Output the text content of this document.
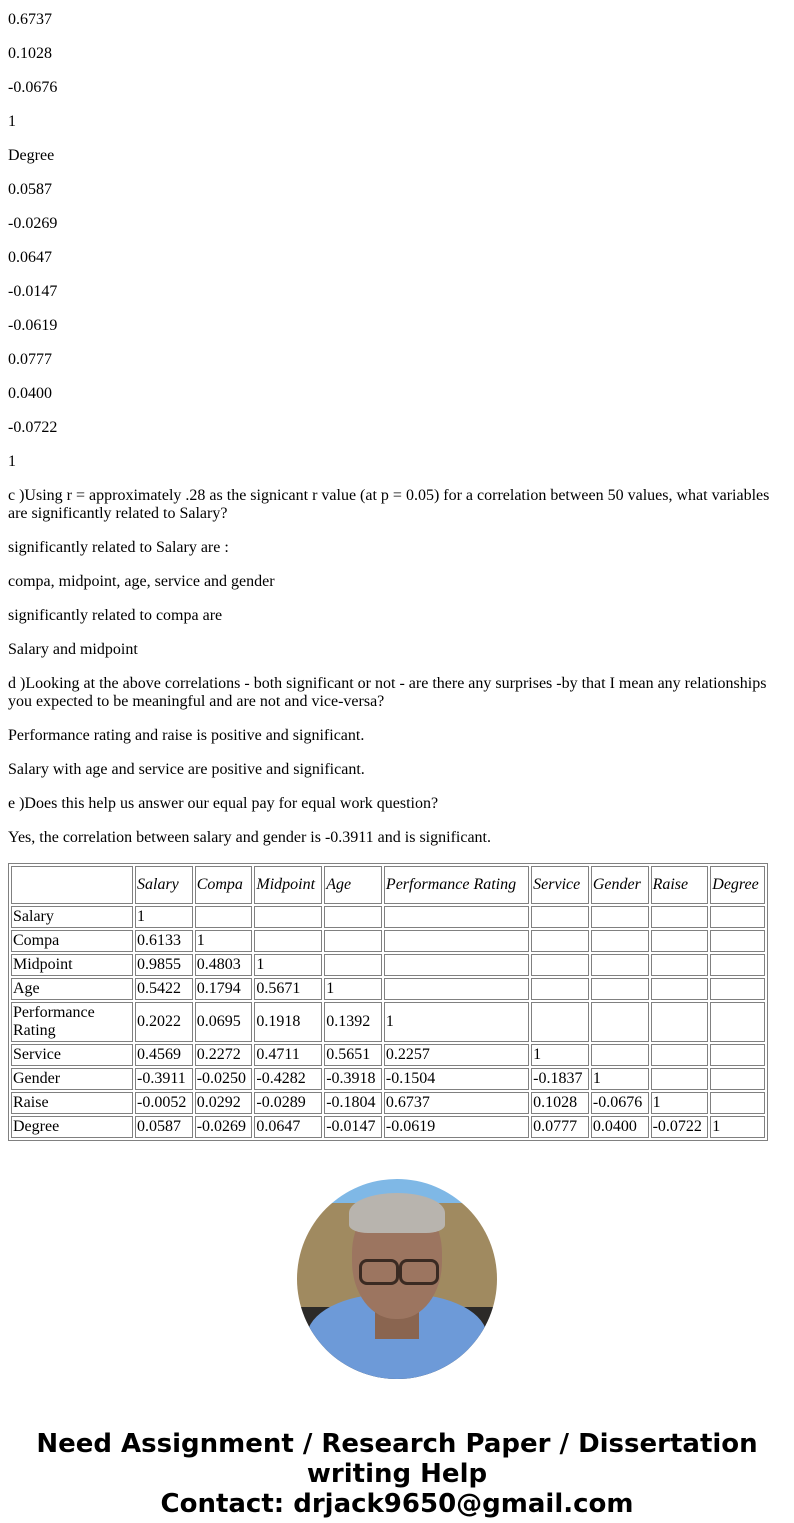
0.6737

0.1028

-0.0676

1

Degree

0.0587

-0.0269

0.0647

-0.0147

-0.0619

0.0777

0.0400

-0.0722

1

c )Using r = approximately .28 as the signicant r value (at p = 0.05) for a correlation between 50 values, what variables are significantly related to Salary?

significantly related to Salary are :

compa, midpoint, age, service and gender

significantly related to compa are

Salary and midpoint

d )Looking at the above correlations - both significant or not - are there any surprises -by that I mean any relationships you expected to be meaningful and are not and vice-versa?

Performance rating and raise is positive and significant.

Salary with age and service are positive and significant.

e )Does this help us answer our equal pay for equal work question?

Yes, the correlation between salary and gender is -0.3911 and is significant.

	Salary	Compa	Midpoint	Age	Performance Rating	Service	Gender	Raise	Degree
Salary	1								
Compa	0.6133	1							
Midpoint	0.9855	0.4803	1						
Age	0.5422	0.1794	0.5671	1					
Performance Rating	0.2022	0.0695	0.1918	0.1392	1				
Service	0.4569	0.2272	0.4711	0.5651	0.2257	1			
Gender	-0.3911	-0.0250	-0.4282	-0.3918	-0.1504	-0.1837	1		
Raise	-0.0052	0.0292	-0.0289	-0.1804	0.6737	0.1028	-0.0676	1	
Degree	0.0587	-0.0269	0.0647	-0.0147	-0.0619	0.0777	0.0400	-0.0722	1
Need Assignment / Research Paper / Dissertation writing Help
Contact: drjack9650@gmail.com
